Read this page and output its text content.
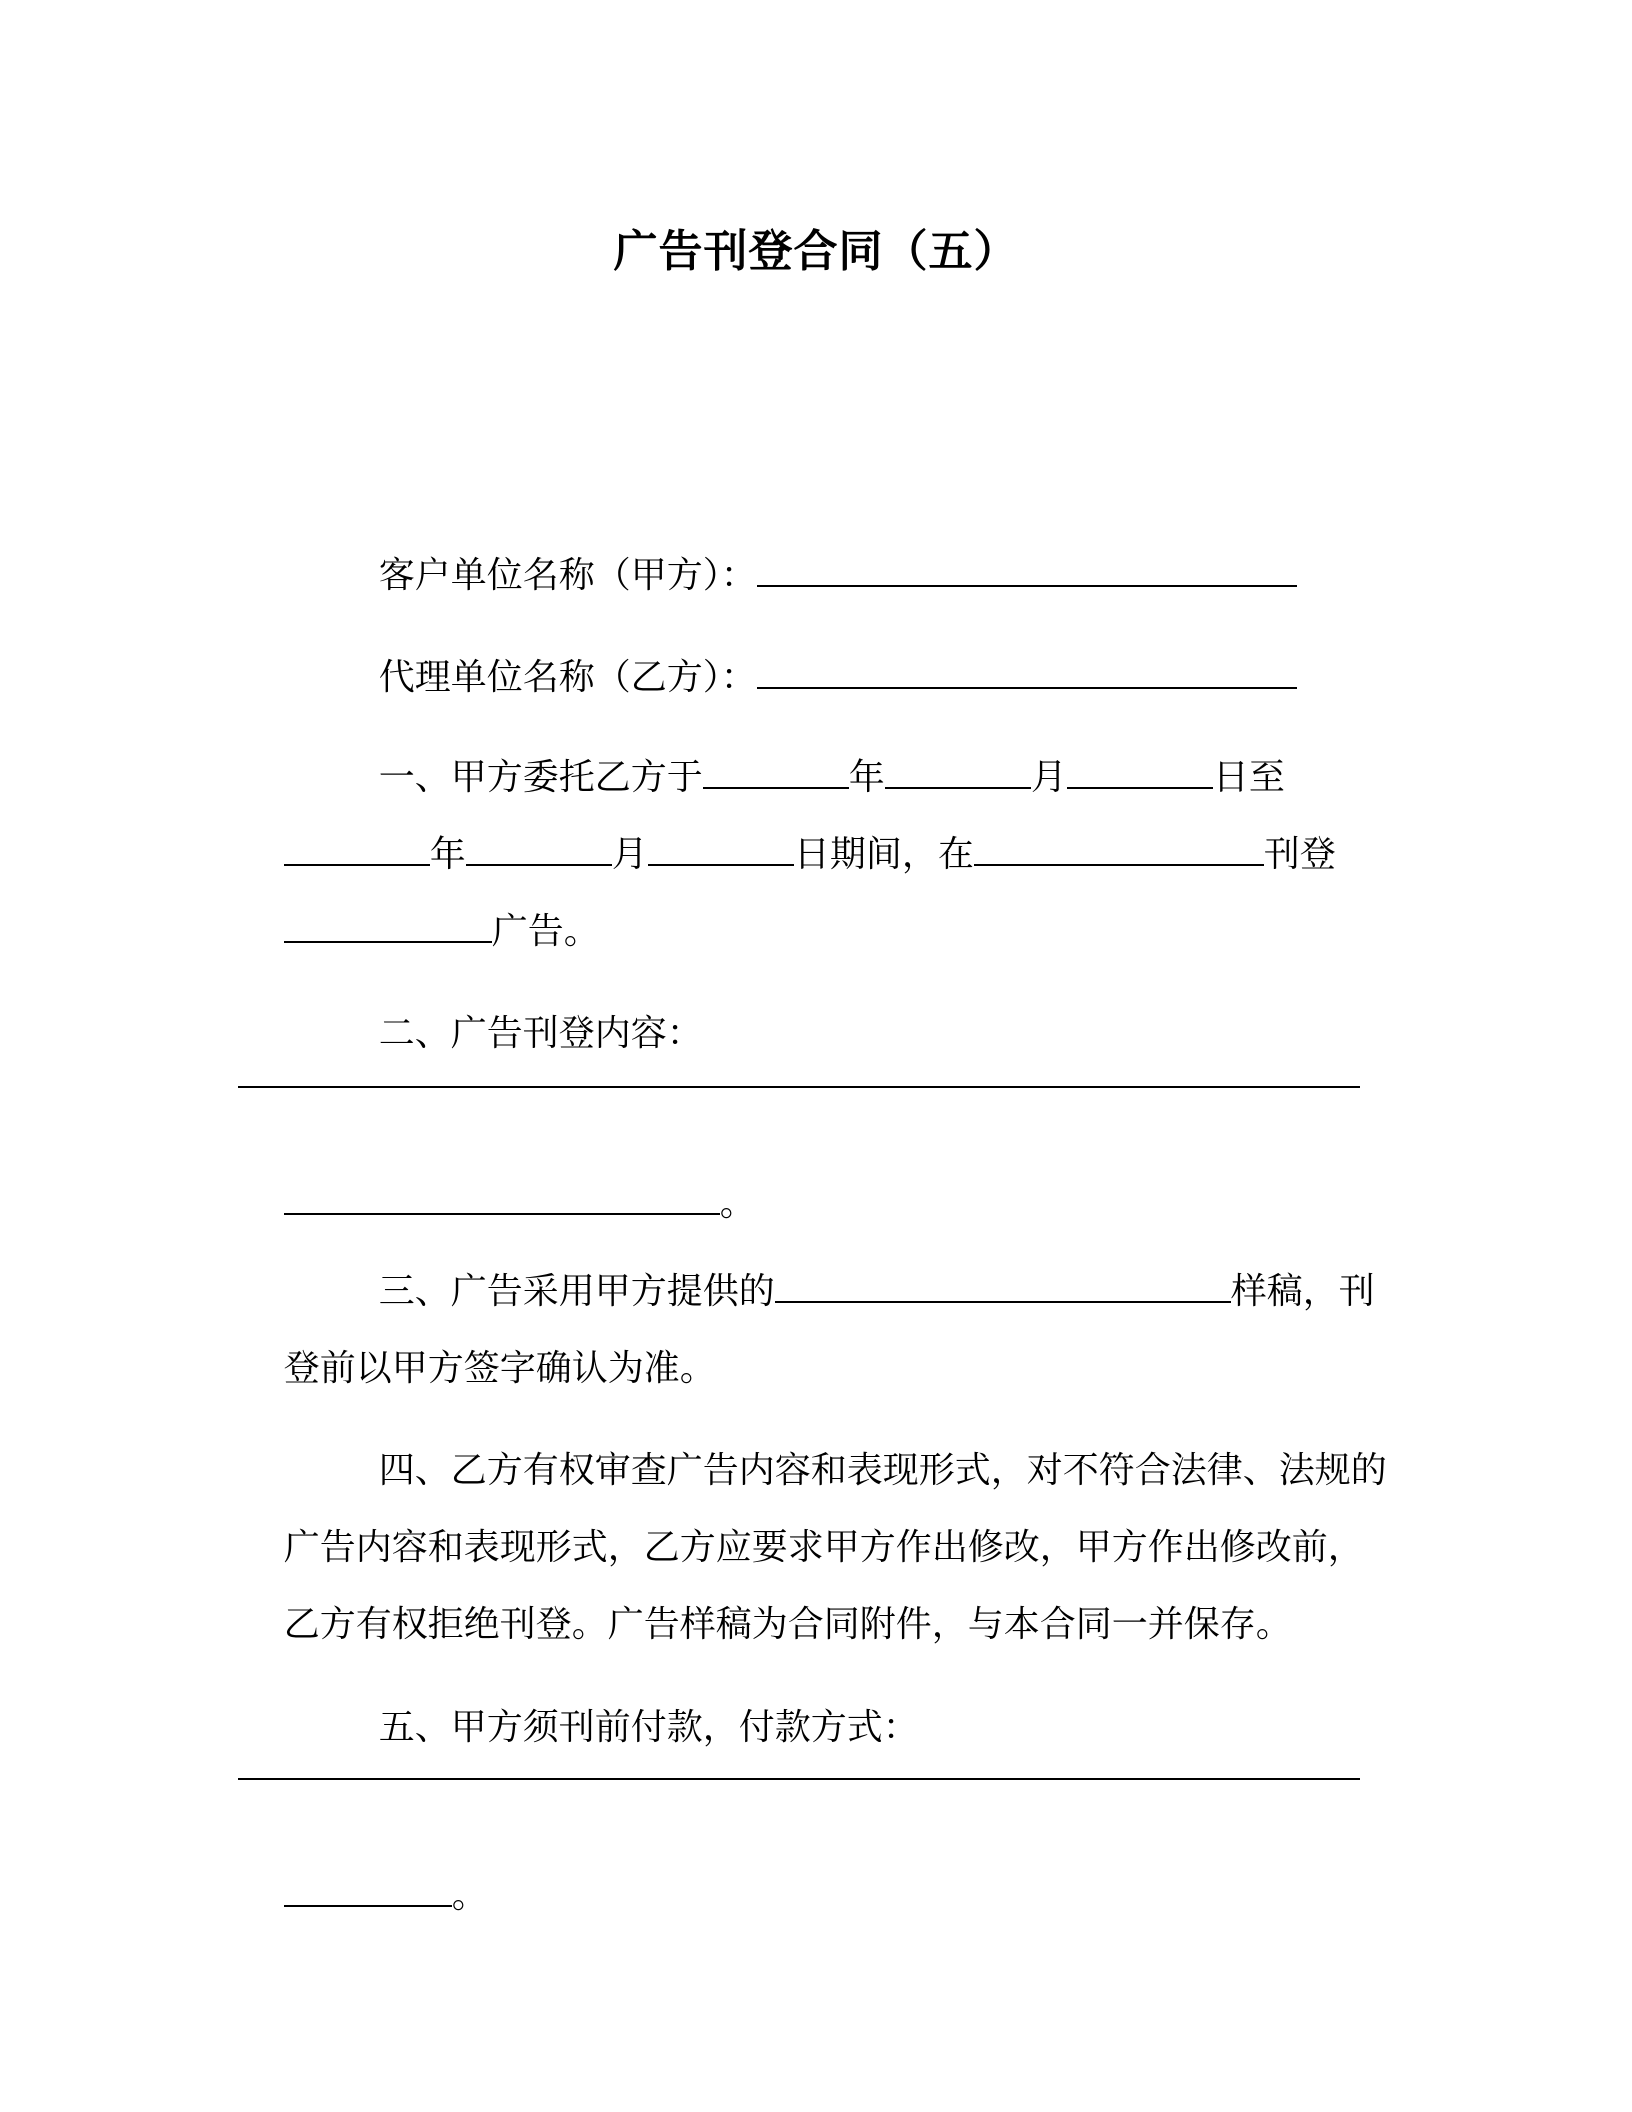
广告刊登合同（五）

客户单位名称（甲方）：

代理单位名称（乙方）：

一、甲方委托乙方于	年	月	日至

年	月	日期间，在	刊登

广告。

二、广告刊登内容：

。

三、广告采用甲方提供的	样稿，刊

登前以甲方签字确认为准。

四、乙方有权审查广告内容和表现形式，对不符合法律、法规的

广告内容和表现形式，乙方应要求甲方作出修改，甲方作出修改前，

乙方有权拒绝刊登。广告样稿为合同附件，与本合同一并保存。

五、甲方须刊前付款，付款方式：

。
